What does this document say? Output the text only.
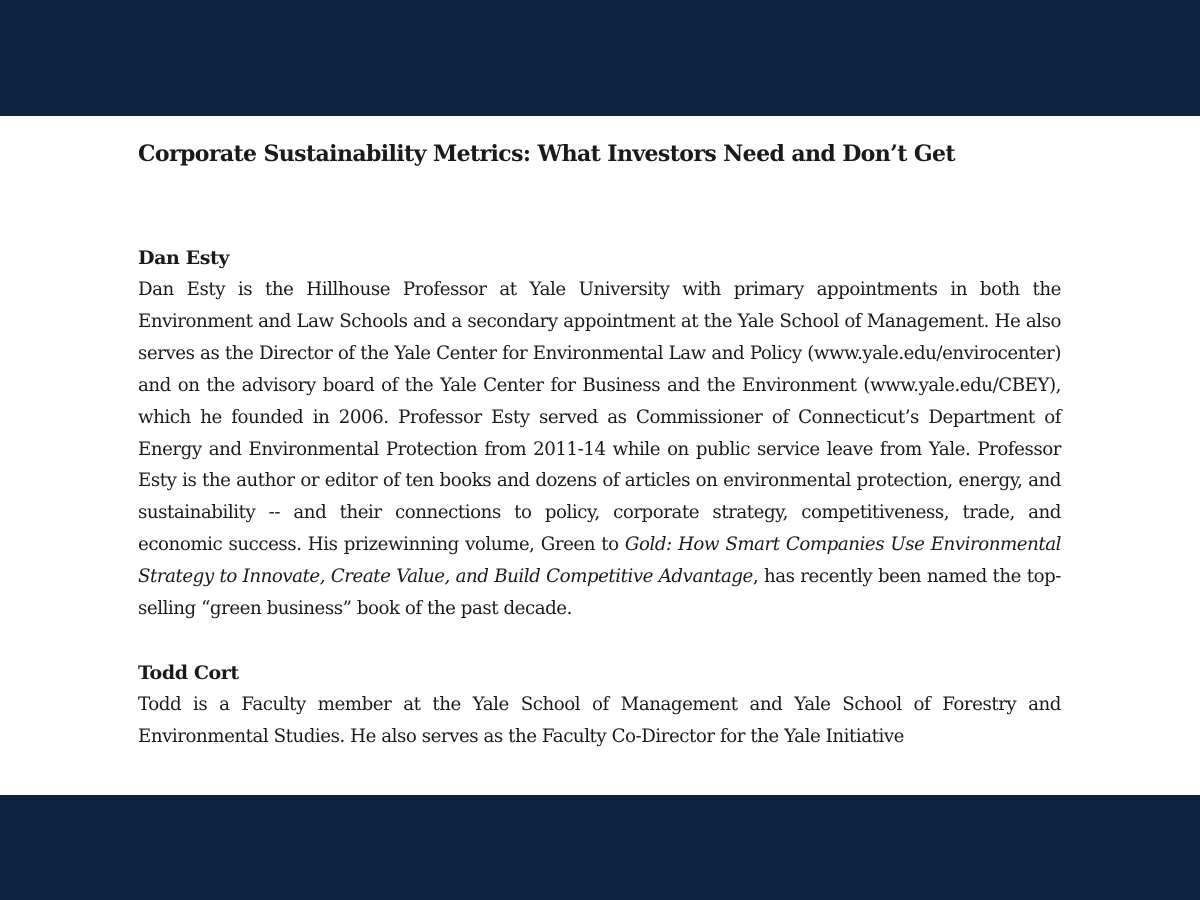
Corporate Sustainability Metrics: What Investors Need and Don’t Get
Dan Esty

Dan Esty is the Hillhouse Professor at Yale University with primary appointments in both the Environment and Law Schools and a secondary appointment at the Yale School of Management. He also serves as the Director of the Yale Center for Environmental Law and Policy (www.yale.edu/envirocenter) and on the advisory board of the Yale Center for Business and the Environment (www.yale.edu/CBEY), which he founded in 2006. Professor Esty served as Commissioner of Connecticut’s Department of Energy and Environmental Protection from 2011-14 while on public service leave from Yale. Professor Esty is the author or editor of ten books and dozens of articles on environmental protection, energy, and sustainability -- and their connections to policy, corporate strategy, competitiveness, trade, and economic success. His prizewinning volume, Green to Gold: How Smart Companies Use Environmental Strategy to Innovate, Create Value, and Build Competitive Advantage, has recently been named the top-selling “green business” book of the past decade.

Todd Cort

Todd is a Faculty member at the Yale School of Management and Yale School of Forestry and Environmental Studies. He also serves as the Faculty Co-Director for the Yale Initiative
